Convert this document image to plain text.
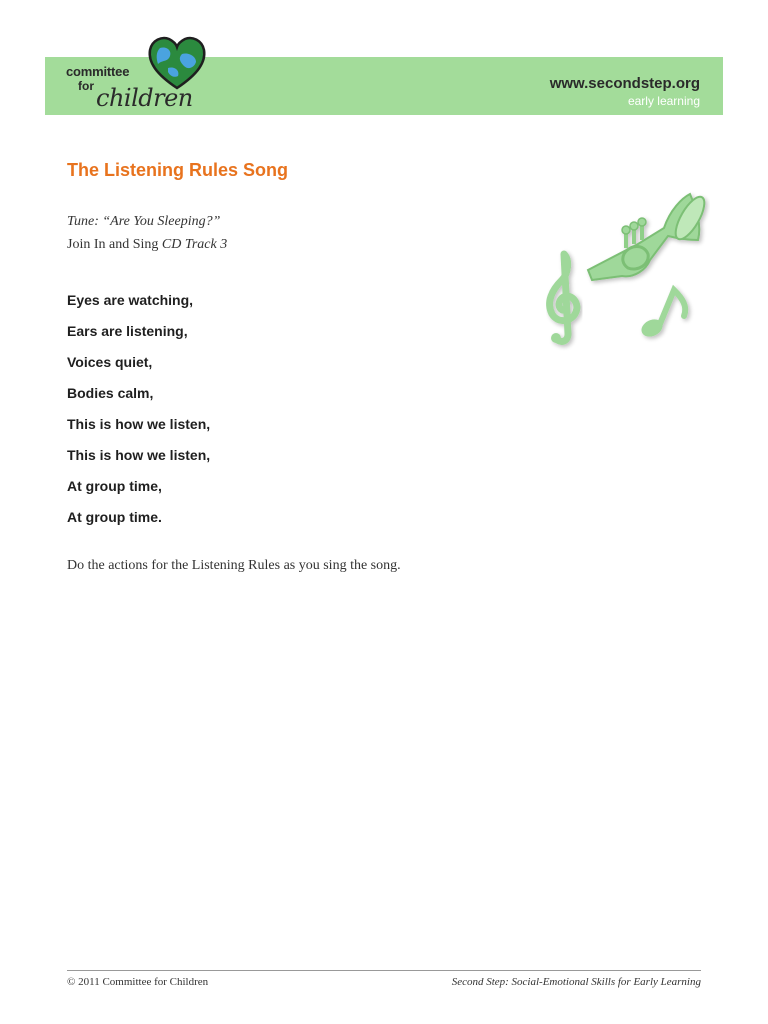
committee
for children
www.secondstep.org
early learning
The Listening Rules Song
Tune: “Are You Sleeping?”
Join In and Sing CD Track 3
Eyes are watching,
Ears are listening,
Voices quiet,
Bodies calm,
This is how we listen,
This is how we listen,
At group time,
At group time.
Do the actions for the Listening Rules as you sing the song.
© 2011 Committee for Children	Second Step: Social-Emotional Skills for Early Learning
